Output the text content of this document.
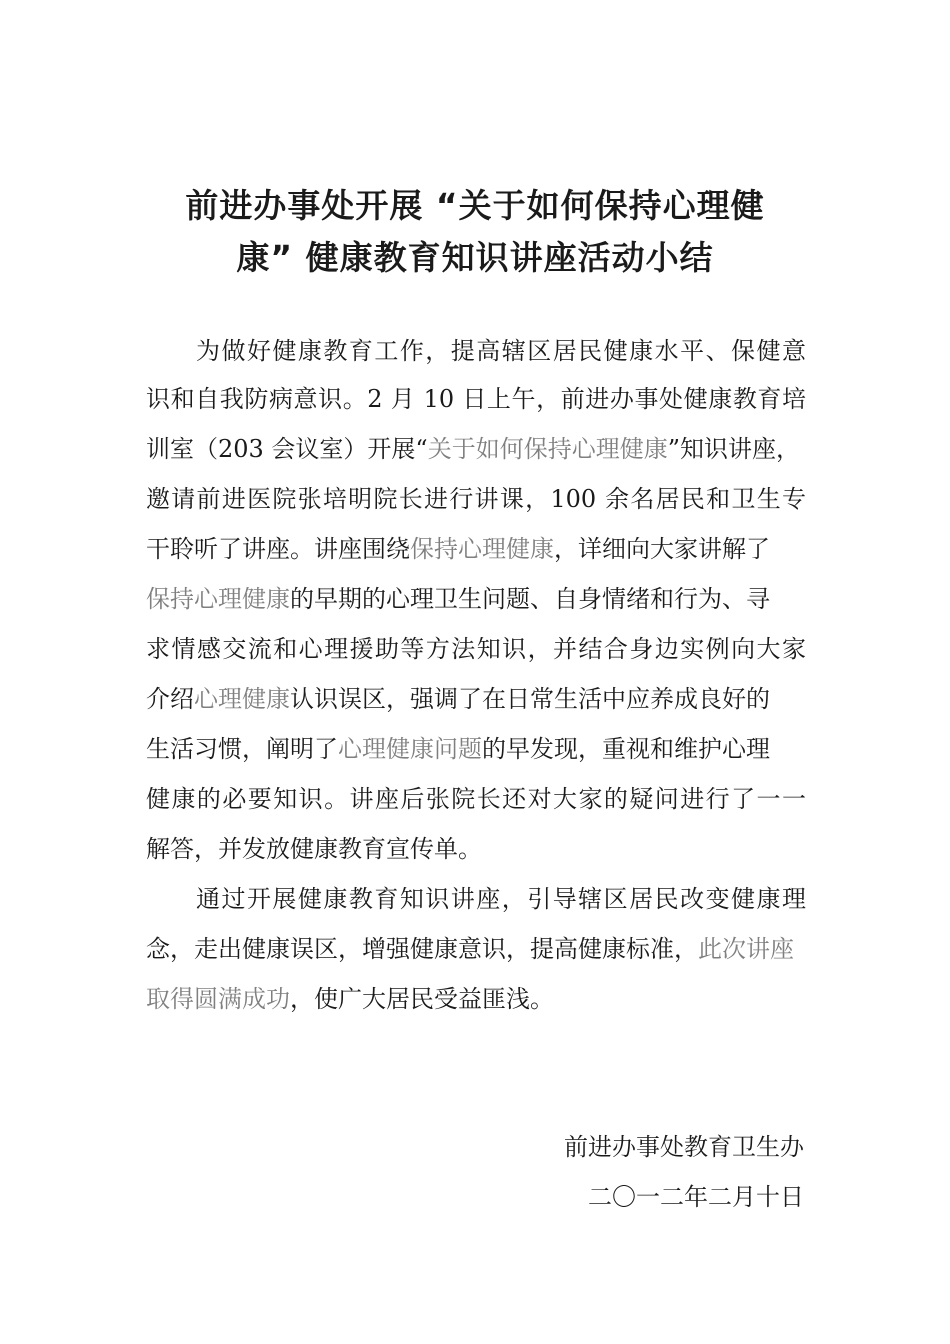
前进办事处开展 “关于如何保持心理健
康” 健康教育知识讲座活动小结
为做好健康教育工作，提高辖区居民健康水平、保健意
识和自我防病意识。2 月 10 日上午，前进办事处健康教育培
训室（203 会议室）开展“关于如何保持心理健康”知识讲座，
邀请前进医院张培明院长进行讲课，100 余名居民和卫生专
干聆听了讲座。讲座围绕保持心理健康，详细向大家讲解了
保持心理健康的早期的心理卫生问题、自身情绪和行为、寻
求情感交流和心理援助等方法知识，并结合身边实例向大家
介绍心理健康认识误区，强调了在日常生活中应养成良好的
生活习惯，阐明了心理健康问题的早发现，重视和维护心理
健康的必要知识。讲座后张院长还对大家的疑问进行了一一
解答，并发放健康教育宣传单。
通过开展健康教育知识讲座，引导辖区居民改变健康理
念，走出健康误区，增强健康意识，提高健康标准，此次讲座
取得圆满成功，使广大居民受益匪浅。
前进办事处教育卫生办
二〇一二年二月十日
